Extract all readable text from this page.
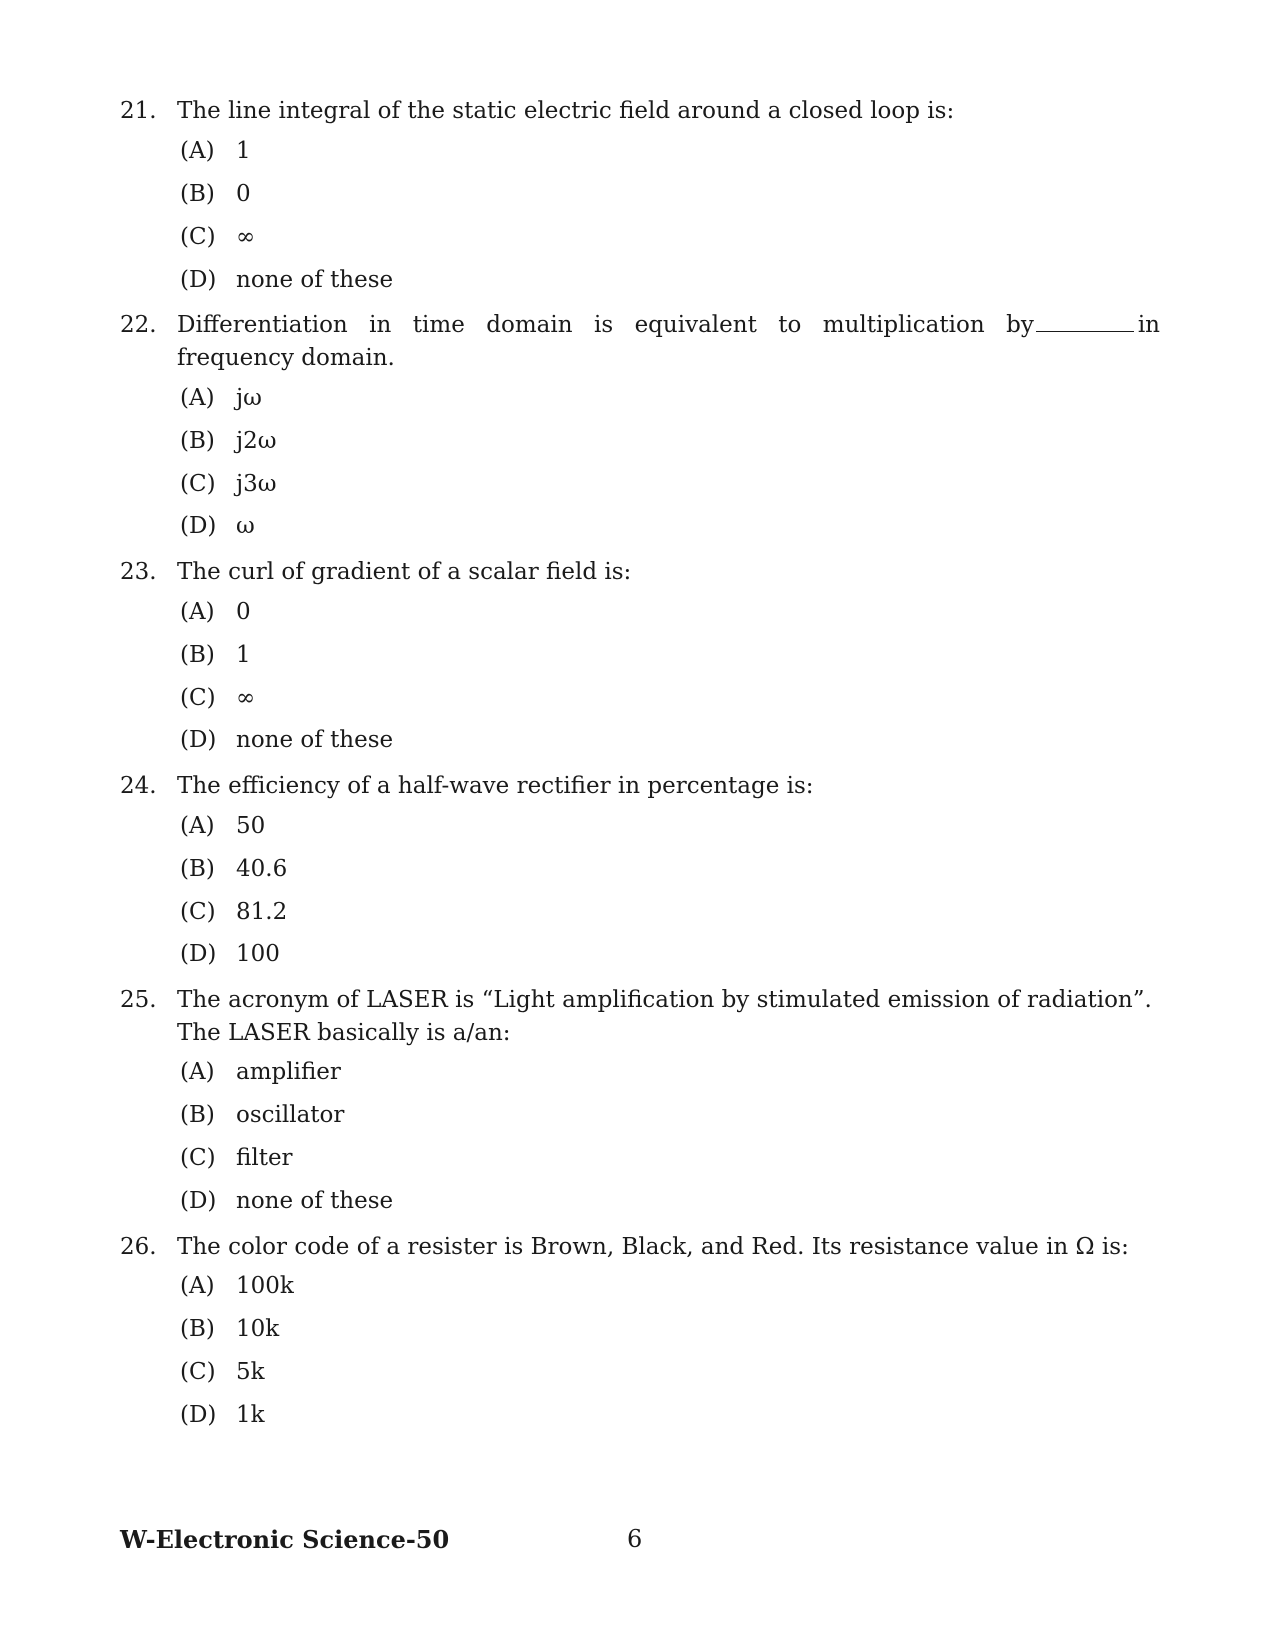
21. The line integral of the static electric field around a closed loop is:
(A) 1
(B) 0
(C) ∞
(D) none of these
22. Differentiation in time domain is equivalent to multiplication by	in frequency domain.
(A) jω
(B) j2ω
(C) j3ω
(D) ω
23. The curl of gradient of a scalar field is:
(A) 0
(B) 1
(C) ∞
(D) none of these
24. The efficiency of a half-wave rectifier in percentage is:
(A) 50
(B) 40.6
(C) 81.2
(D) 100
25. The acronym of LASER is “Light amplification by stimulated emission of radiation”. The LASER basically is a/an:
(A) amplifier
(B) oscillator
(C) filter
(D) none of these
26. The color code of a resister is Brown, Black, and Red. Its resistance value in Ω is:
(A) 100k
(B) 10k
(C) 5k
(D) 1k
W-Electronic Science-50	6
